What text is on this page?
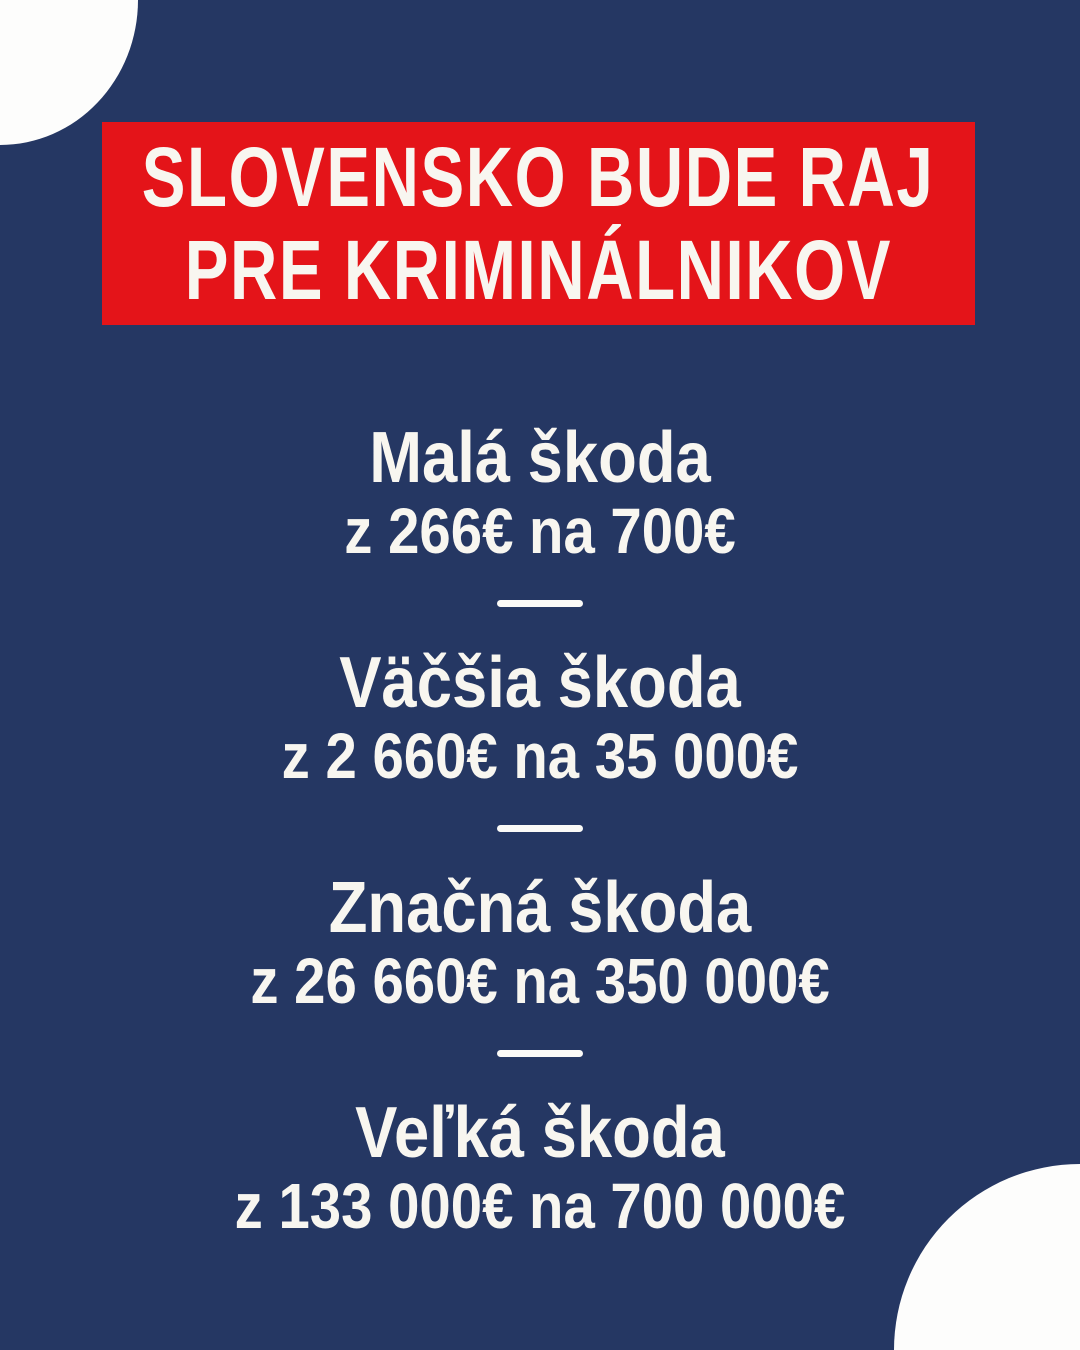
SLOVENSKO BUDE RAJ
PRE KRIMINÁLNIKOV
Malá škoda
z 266€ na 700€
Väčšia škoda
z 2 660€ na 35 000€
Značná škoda
z 26 660€ na 350 000€
Veľká škoda
z 133 000€ na 700 000€
